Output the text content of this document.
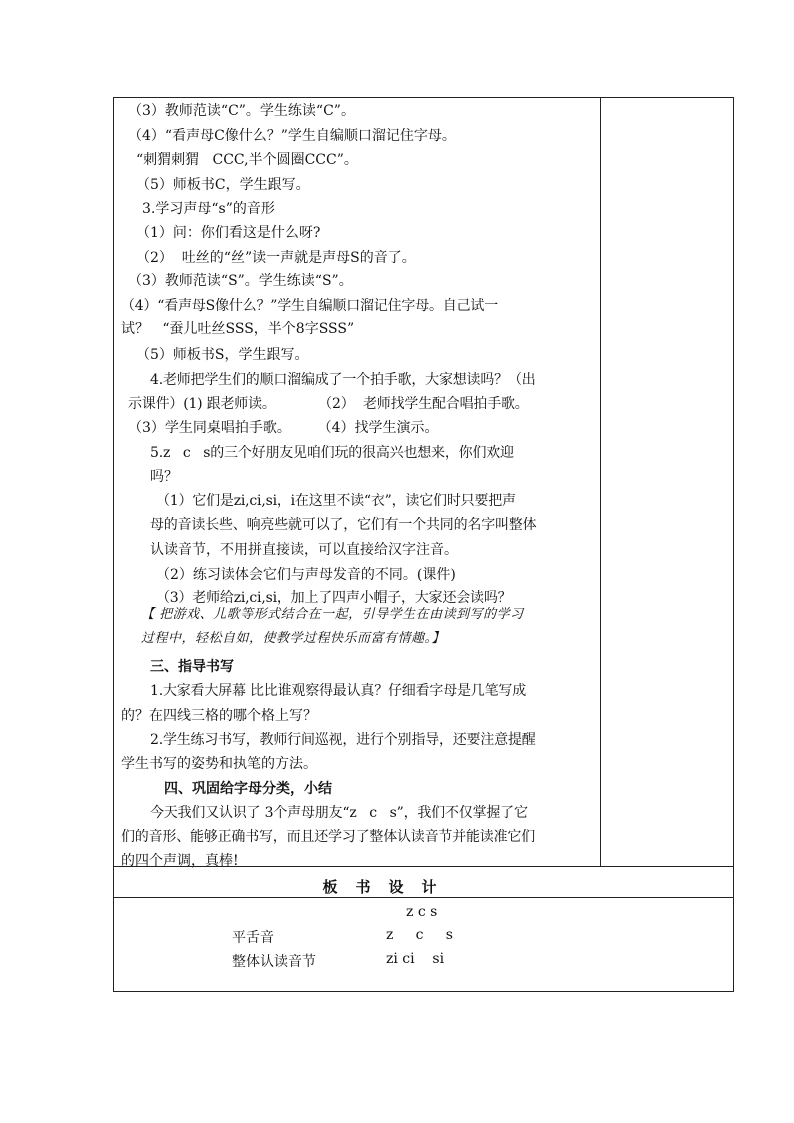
（3）教师范读“C”。学生练读“C”。
（4）“看声母C像什么？”学生自编顺口溜记住字母。
“刺猬刺猬   CCC,半个圆圈CCC”。
（5）师板书C，学生跟写。
3.学习声母“s”的音形
（1）问：你们看这是什么呀?
（2）  吐丝的“丝”读一声就是声母S的音了。
（3）教师范读“S”。学生练读“S”。
（4）“看声母S像什么？”学生自编顺口溜记住字母。自己试一
试？   “蚕儿吐丝SSS，半个8字SSS”
（5）师板书S，学生跟写。
4.老师把学生们的顺口溜编成了一个拍手歌，大家想读吗？（出
示课件）(1) 跟老师读。          （2）  老师找学生配合唱拍手歌。
（3）学生同桌唱拍手歌。      （4）找学生演示。
5.z   c   s的三个好朋友见咱们玩的很高兴也想来，你们欢迎
吗？
（1）它们是zi,ci,si，i在这里不读“衣”，读它们时只要把声
母的音读长些、响亮些就可以了，它们有一个共同的名字叫整体
认读音节，不用拼直接读，可以直接给汉字注音。
（2）练习读体会它们与声母发音的不同。(课件)
（3）老师给zi,ci,si，加上了四声小帽子，大家还会读吗？
【 把游戏、儿歌等形式结合在一起，引导学生在由读到写的学习
过程中，轻松自如，使教学过程快乐而富有情趣。】
三、指导书写
1.大家看大屏幕 比比谁观察得最认真？仔细看字母是几笔写成
的？在四线三格的哪个格上写？
2.学生练习书写，教师行间巡视，进行个别指导，还要注意提醒
学生书写的姿势和执笔的方法。
四、巩固给字母分类，小结
今天我们又认识了 3个声母朋友“z   c   s”，我们不仅掌握了它
们的音形、能够正确书写，而且还学习了整体认读音节并能读准它们
的四个声调，真棒!
板书设计
z c s
平舌音	z     c     s
整体认读音节	zi ci    si
